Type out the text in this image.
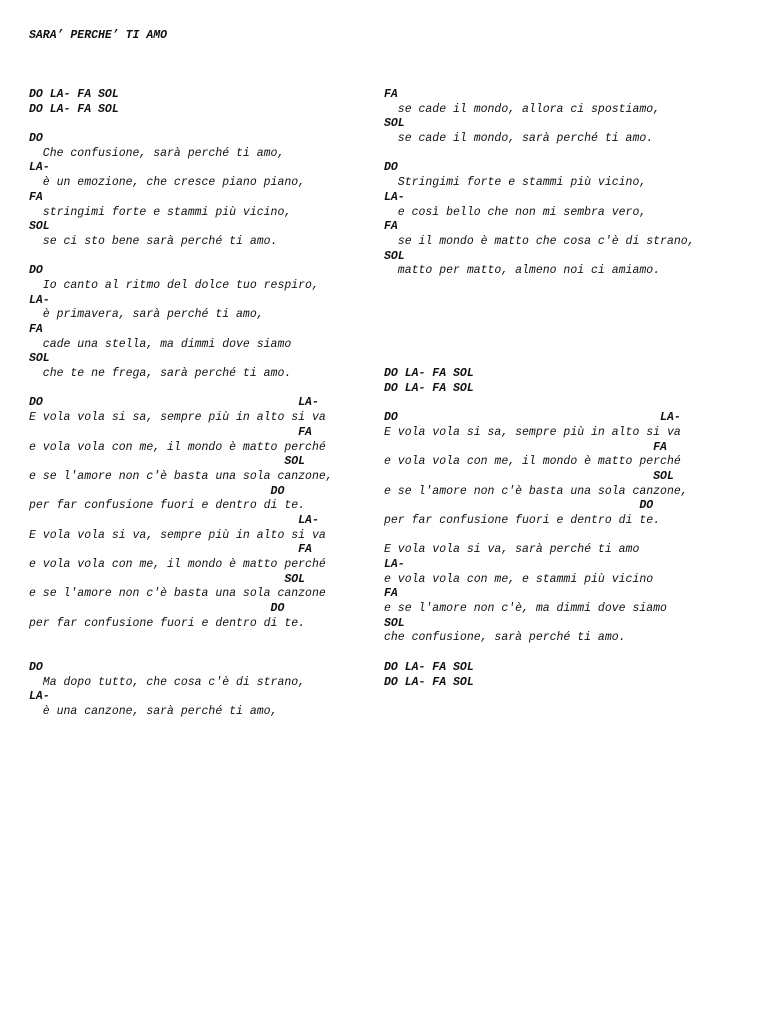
SARA’ PERCHE’ TI AMO
DO LA- FA SOL
DO LA- FA SOL
DO
Che confusione, sarà perché ti amo,
LA-
è un emozione, che cresce piano piano,
FA
stringimi forte e stammi più vicino,
SOL
se ci sto bene sarà perché ti amo.
DO
Io canto al ritmo del dolce tuo respiro,
LA-
è primavera, sarà perché ti amo,
FA
cade una stella, ma dimmi dove siamo
SOL
che te ne frega, sarà perché ti amo.
DO                                     LA-
E vola vola si sa, sempre più in alto si va
FA
e vola vola con me, il mondo è matto perché
SOL
e se l'amore non c'è basta una sola canzone,
DO
per far confusione fuori e dentro di te.
LA-
E vola vola si va, sempre più in alto si va
FA
e vola vola con me, il mondo è matto perché
SOL
e se l'amore non c'è basta una sola canzone
DO
per far confusione fuori e dentro di te.
DO
Ma dopo tutto, che cosa c'è di strano,
LA-
è una canzone, sarà perché ti amo,
FA
se cade il mondo, allora ci spostiamo,
SOL
se cade il mondo, sarà perché ti amo.
DO
Stringimi forte e stammi più vicino,
LA-
e così bello che non mi sembra vero,
FA
se il mondo è matto che cosa c'è di strano,
SOL
matto per matto, almeno noi ci amiamo.
DO LA- FA SOL
DO LA- FA SOL
DO                                      LA-
E vola vola si sa, sempre più in alto si va
FA
e vola vola con me, il mondo è matto perché
SOL
e se l'amore non c'è basta una sola canzone,
DO
per far confusione fuori e dentro di te.
E vola vola si va, sarà perché ti amo
LA-
e vola vola con me, e stammi più vicino
FA
e se l'amore non c'è, ma dimmi dove siamo
SOL
che confusione, sarà perché ti amo.
DO LA- FA SOL
DO LA- FA SOL
